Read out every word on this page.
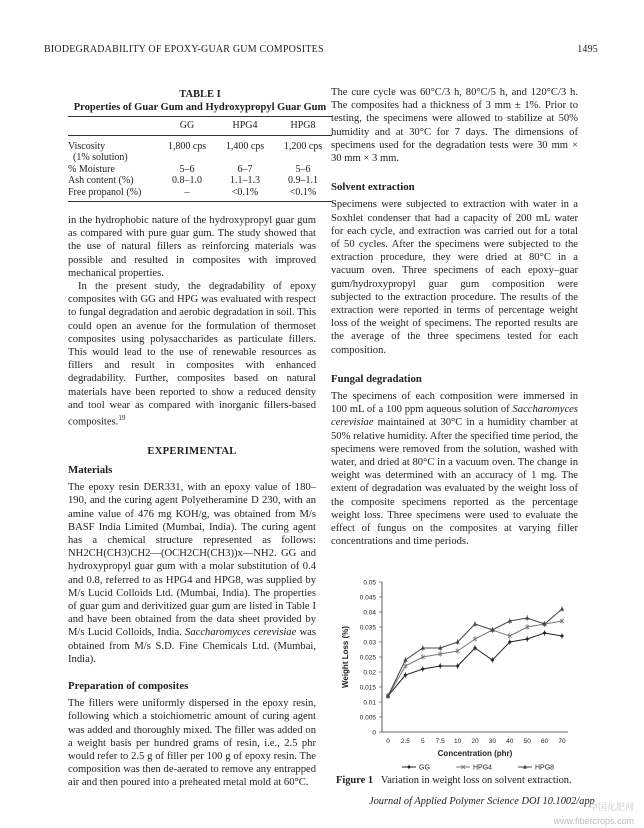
BIODEGRADABILITY OF EPOXY-GUAR GUM COMPOSITES	1495
TABLE I
Properties of Guar Gum and Hydroxypropyl Guar Gum
	GG	HPG4	HPG8
Viscosity
(1% solution)	1,800 cps	1,400 cps	1,200 cps
% Moisture	5–6	6–7	5–6
Ash content (%)	0.8–1.0	1.1–1.3	0.9–1.1
Free propanol (%)	–	<0.1%	<0.1%

in the hydrophobic nature of the hydroxypropyl guar gum as compared with pure guar gum. The study showed that the use of natural fillers as reinforcing materials was possible and resulted in composites with improved mechanical properties.

In the present study, the degradability of epoxy composites with GG and HPG was evaluated with respect to fungal degradation and aerobic degradation in soil. This could open an avenue for the formulation of thermoset composites using polysaccharides as particulate fillers. This would lead to the use of renewable resources as fillers and result in composites with enhanced degradability. Further, composites based on natural materials have been reported to show a reduced density and tool wear as compared with inorganic fillers-based composites.$^{19}$

EXPERIMENTAL
Materials

The epoxy resin DER331, with an epoxy value of 180–190, and the curing agent Polyetheramine D 230, with an amine value of 476 mg KOH/g, was obtained from M/s BASF India Limited (Mumbai, India). The curing agent has a chemical structure represented as follows: NH2CH(CH3)CH2—(OCH2CH(CH3))x—NH2. GG and hydroxypropyl guar gum with a molar substitution of 0.4 and 0.8, referred to as HPG4 and HPG8, was supplied by M/s Lucid Colloids Ltd. (Mumbai, India). The properties of guar gum and derivitized guar gum are listed in Table I and have been obtained from the data sheet provided by M/s Lucid Colloids, India. Saccharomyces cerevisiae was obtained from M/s S.D. Fine Chemicals Ltd. (Mumbai, India).

Preparation of composites

The fillers were uniformly dispersed in the epoxy resin, following which a stoichiometric amount of curing agent was added and thoroughly mixed. The filler was added on a weight basis per hundred grams of resin, i.e., 2.5 phr would refer to 2.5 g of filler per 100 g of epoxy resin. The composition was then de-aerated to remove any entrapped air and then poured into a preheated metal mold at 60°C.

The cure cycle was 60°C/3 h, 80°C/5 h, and 120°C/3 h. The composites had a thickness of 3 mm ± 1%. Prior to testing, the specimens were allowed to stabilize at 50% humidity and at 30°C for 7 days. The dimensions of specimens used for the degradation tests were 30 mm × 30 mm × 3 mm.

Solvent extraction

Specimens were subjected to extraction with water in a Soxhlet condenser that had a capacity of 200 mL water for each cycle, and extraction was carried out for a total of 50 cycles. After the specimens were subjected to the extraction procedure, they were dried at 80°C in a vacuum oven. Three specimens of each epoxy–guar gum/hydroxypropyl guar gum composition were subjected to the extraction procedure. The results of the extraction were reported in terms of percentage weight loss of the weight of specimens. The reported results are the average of the three specimens tested for each composition.

Fungal degradation

The specimens of each composition were immersed in 100 mL of a 100 ppm aqueous solution of Saccharomyces cerevisiae maintained at 30°C in a humidity chamber at 50% relative humidity. After the specified time period, the specimens were removed from the solution, washed with water, and dried at 80°C in a vacuum oven. The change in weight was determined with an accuracy of 1 mg. The extent of degradation was evaluated by the weight loss of the composite specimens reported as the percentage weight loss. Three specimens were used to evaluate the effect of fungus on the composites at varying filler concentrations and time periods.

0
0.005
0.01
0.015
0.02
0.025
0.03
0.035
0.04
0.045
0.05
0 2.5 5 7.5 10 20 30 40 50 60 70
Concentration (phr)
Weight Loss (%)
GG	HPG4	HPG8
Figure 1 Variation in weight loss on solvent extraction.
Journal of Applied Polymer Science DOI 10.1002/app
中国化肥网
www.fibercrops.com
